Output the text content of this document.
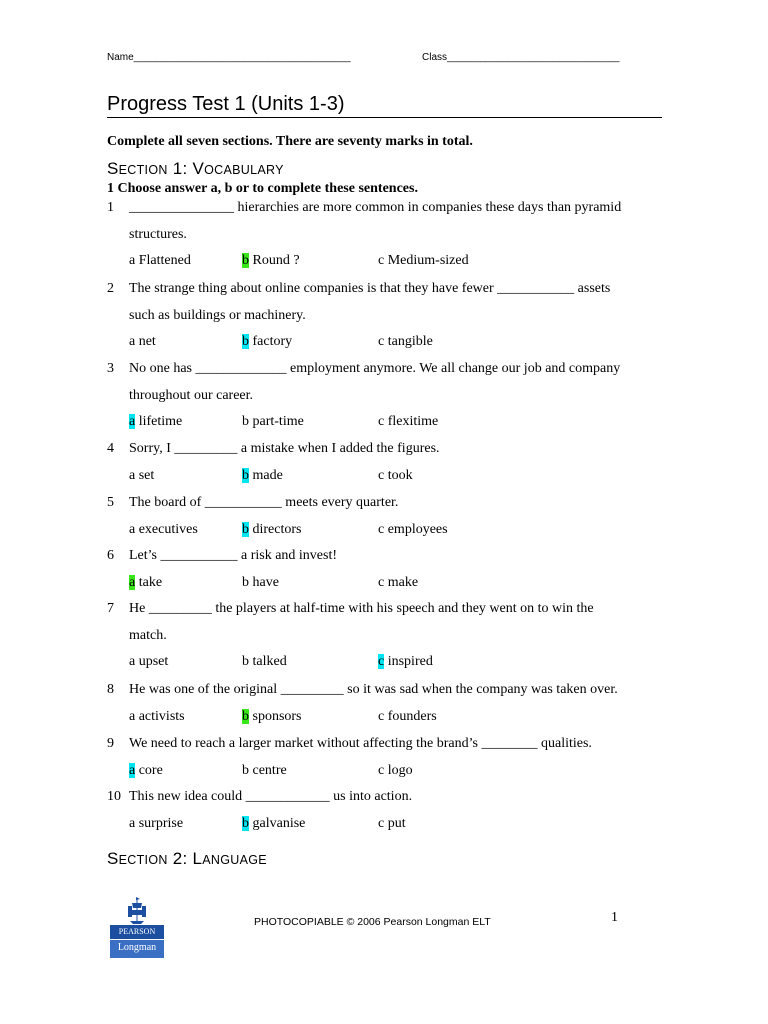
Name_______________________________________	Class_______________________________
Progress Test 1 (Units 1-3)
Complete all seven sections. There are seventy marks in total.
SECTION 1: VOCABULARY
1 Choose answer a, b or to complete these sentences.
1 _______________ hierarchies are more common in companies these days than pyramid
structures.
a Flattened	b Round ?	c Medium-sized
2 The strange thing about online companies is that they have fewer ___________ assets
such as buildings or machinery.
a net	b factory	c tangible
3 No one has _____________ employment anymore. We all change our job and company
throughout our career.
a lifetime	b part-time	c flexitime
4 Sorry, I _________ a mistake when I added the figures.
a set	b made	c took
5 The board of ___________ meets every quarter.
a executives	b directors	c employees
6 Let’s ___________ a risk and invest!
a take	b have	c make
7 He _________ the players at half-time with his speech and they went on to win the
match.
a upset	b talked	c inspired
8 He was one of the original _________ so it was sad when the company was taken over.
a activists	b sponsors	c founders
9 We need to reach a larger market without affecting the brand’s ________ qualities.
a core	b centre	c logo
10 This new idea could ____________ us into action.
a surprise	b galvanise	c put
SECTION 2: LANGUAGE
PEARSON
Longman
PHOTOCOPIABLE © 2006 Pearson Longman ELT	1
